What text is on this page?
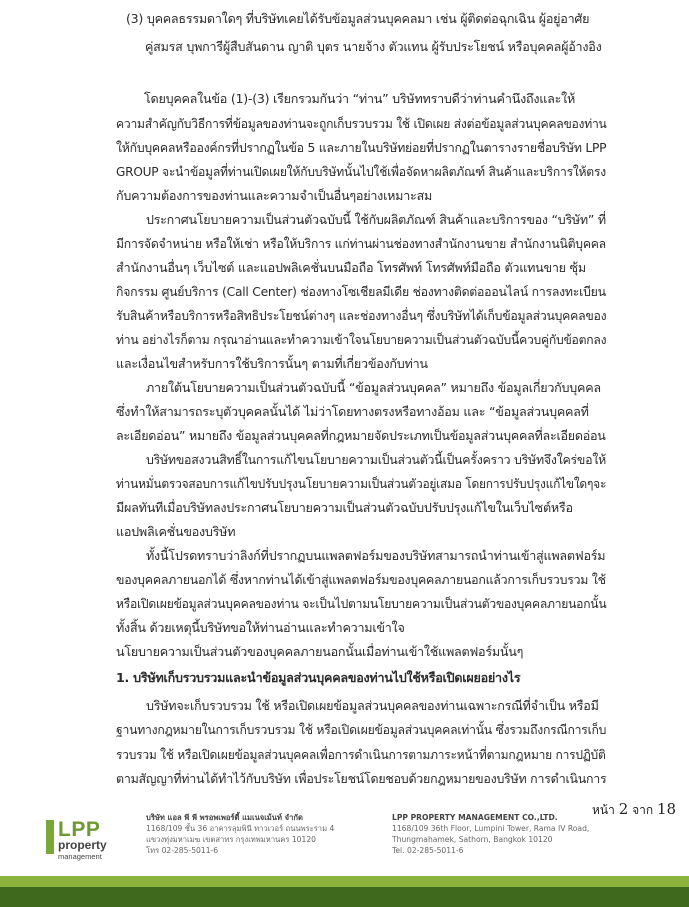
(3) บุคคลธรรมดาใดๆ ที่บริษัทเคยได้รับข้อมูลส่วนบุคคลมา เช่น ผู้ติดต่อฉุกเฉิน ผู้อยู่อาศัย
คู่สมรส บุพการีผู้สืบสันดาน ญาติ บุตร นายจ้าง ตัวแทน ผู้รับประโยชน์ หรือบุคคลผู้อ้างอิง
โดยบุคคลในข้อ (1)-(3) เรียกรวมกันว่า “ท่าน” บริษัททราบดีว่าท่านคำนึงถึงและให้
ความสำคัญกับวิธีการที่ข้อมูลของท่านจะถูกเก็บรวบรวม ใช้ เปิดเผย ส่งต่อข้อมูลส่วนบุคคลของท่าน
ให้กับบุคคลหรือองค์กรที่ปรากฏในข้อ 5 และภายในบริษัทย่อยที่ปรากฏในตารางรายชื่อบริษัท LPP
GROUP จะนำข้อมูลที่ท่านเปิดเผยให้กับบริษัทนั้นไปใช้เพื่อจัดหาผลิตภัณฑ์ สินค้าและบริการให้ตรง
กับความต้องการของท่านและความจำเป็นอื่นๆอย่างเหมาะสม
ประกาศนโยบายความเป็นส่วนตัวฉบับนี้ ใช้กับผลิตภัณฑ์ สินค้าและบริการของ “บริษัท” ที่
มีการจัดจำหน่าย หรือให้เช่า หรือให้บริการ แก่ท่านผ่านช่องทางสำนักงานขาย สำนักงานนิติบุคคล
สำนักงานอื่นๆ เว็บไซต์ และแอปพลิเคชั่นบนมือถือ โทรศัพท์ โทรศัพท์มือถือ ตัวแทนขาย ซุ้ม
กิจกรรม ศูนย์บริการ (Call Center) ช่องทางโซเชียลมีเดีย ช่องทางติดต่อออนไลน์ การลงทะเบียน
รับสินค้าหรือบริการหรือสิทธิประโยชน์ต่างๆ และช่องทางอื่นๆ ซึ่งบริษัทได้เก็บข้อมูลส่วนบุคคลของ
ท่าน อย่างไรก็ตาม กรุณาอ่านและทำความเข้าใจนโยบายความเป็นส่วนตัวฉบับนี้ควบคู่กับข้อตกลง
และเงื่อนไขสำหรับการใช้บริการนั้นๆ ตามที่เกี่ยวข้องกับท่าน
ภายใต้นโยบายความเป็นส่วนตัวฉบับนี้ “ข้อมูลส่วนบุคคล” หมายถึง ข้อมูลเกี่ยวกับบุคคล
ซึ่งทำให้สามารถระบุตัวบุคคลนั้นได้ ไม่ว่าโดยทางตรงหรือทางอ้อม และ “ข้อมูลส่วนบุคคลที่
ละเอียดอ่อน” หมายถึง ข้อมูลส่วนบุคคลที่กฎหมายจัดประเภทเป็นข้อมูลส่วนบุคคลที่ละเอียดอ่อน
บริษัทขอสงวนสิทธิ์ในการแก้ไขนโยบายความเป็นส่วนตัวนี้เป็นครั้งคราว บริษัทจึงใคร่ขอให้
ท่านหมั่นตรวจสอบการแก้ไขปรับปรุงนโยบายความเป็นส่วนตัวอยู่เสมอ โดยการปรับปรุงแก้ไขใดๆจะ
มีผลทันทีเมื่อบริษัทลงประกาศนโยบายความเป็นส่วนตัวฉบับปรับปรุงแก้ไขในเว็บไซต์หรือ
แอปพลิเคชั่นของบริษัท
ทั้งนี้โปรดทราบว่าลิงก์ที่ปรากฏบนแพลตฟอร์มของบริษัทสามารถนำท่านเข้าสู่แพลตฟอร์ม
ของบุคคลภายนอกได้ ซึ่งหากท่านได้เข้าสู่แพลตฟอร์มของบุคคลภายนอกแล้วการเก็บรวบรวม ใช้
หรือเปิดเผยข้อมูลส่วนบุคคลของท่าน จะเป็นไปตามนโยบายความเป็นส่วนตัวของบุคคลภายนอกนั้น
ทั้งสิ้น ด้วยเหตุนี้บริษัทขอให้ท่านอ่านและทำความเข้าใจ
นโยบายความเป็นส่วนตัวของบุคคลภายนอกนั้นเมื่อท่านเข้าใช้แพลตฟอร์มนั้นๆ
1. บริษัทเก็บรวบรวมและนำข้อมูลส่วนบุคคลของท่านไปใช้หรือเปิดเผยอย่างไร
บริษัทจะเก็บรวบรวม ใช้ หรือเปิดเผยข้อมูลส่วนบุคคลของท่านเฉพาะกรณีที่จำเป็น หรือมี
ฐานทางกฎหมายในการเก็บรวบรวม ใช้ หรือเปิดเผยข้อมูลส่วนบุคคลเท่านั้น ซึ่งรวมถึงกรณีการเก็บ
รวบรวม ใช้ หรือเปิดเผยข้อมูลส่วนบุคคลเพื่อการดำเนินการตามภาระหน้าที่ตามกฎหมาย การปฏิบัติ
ตามสัญญาที่ท่านได้ทำไว้กับบริษัท เพื่อประโยชน์โดยชอบด้วยกฎหมายของบริษัท การดำเนินการ
หน้า 2 จาก 18
LPP
property
management
บริษัท แอล พี พี พรอพเพอร์ตี้ แมเนจเม้นท์ จำกัด
1168/109 ชั้น 36 อาคารลุมพินี ทาวเวอร์ ถนนพระราม 4
แขวงทุ่งมหาเมฆ เขตสาทร กรุงเทพมหานคร 10120
โทร 02-285-5011-6
LPP PROPERTY MANAGEMENT CO.,LTD.
1168/109 36th Floor, Lumpini Tower, Rama IV Road,
Thungmahamek, Sathorn, Bangkok 10120
Tel. 02-285-5011-6
